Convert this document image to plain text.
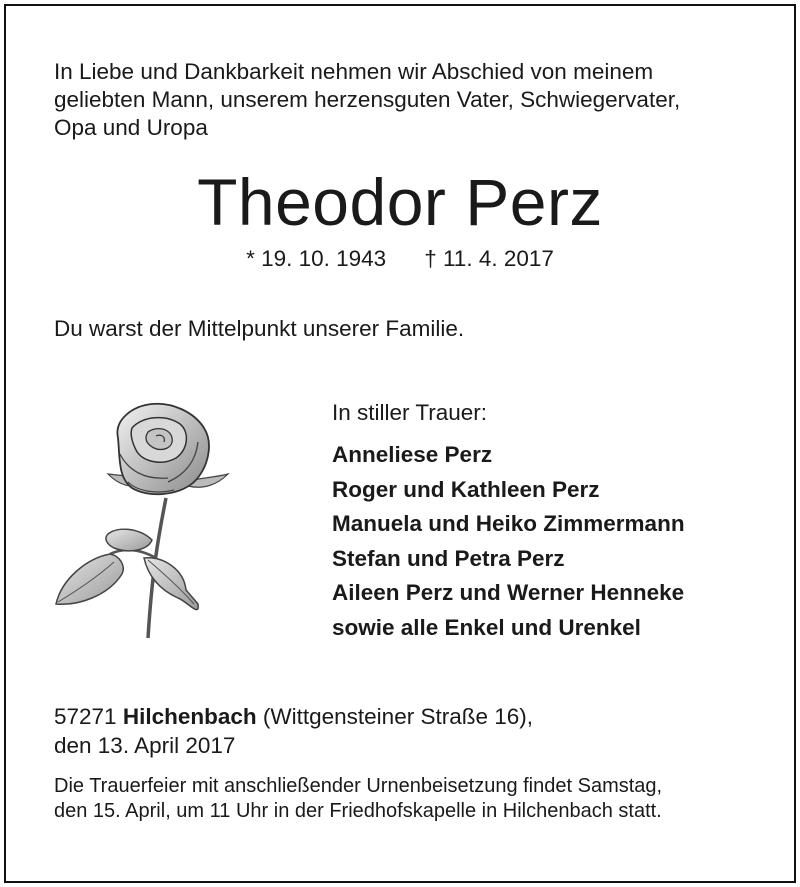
In Liebe und Dankbarkeit nehmen wir Abschied von meinem
geliebten Mann, unserem herzensguten Vater, Schwiegervater,
Opa und Uropa
Theodor Perz
* 19. 10. 1943 † 11. 4. 2017
Du warst der Mittelpunkt unserer Familie.
In stiller Trauer:
Anneliese Perz
Roger und Kathleen Perz
Manuela und Heiko Zimmermann
Stefan und Petra Perz
Aileen Perz und Werner Henneke
sowie alle Enkel und Urenkel
57271 Hilchenbach (Wittgensteiner Straße 16),
den 13. April 2017
Die Trauerfeier mit anschließender Urnenbeisetzung findet Samstag,
den 15. April, um 11 Uhr in der Friedhofskapelle in Hilchenbach statt.
